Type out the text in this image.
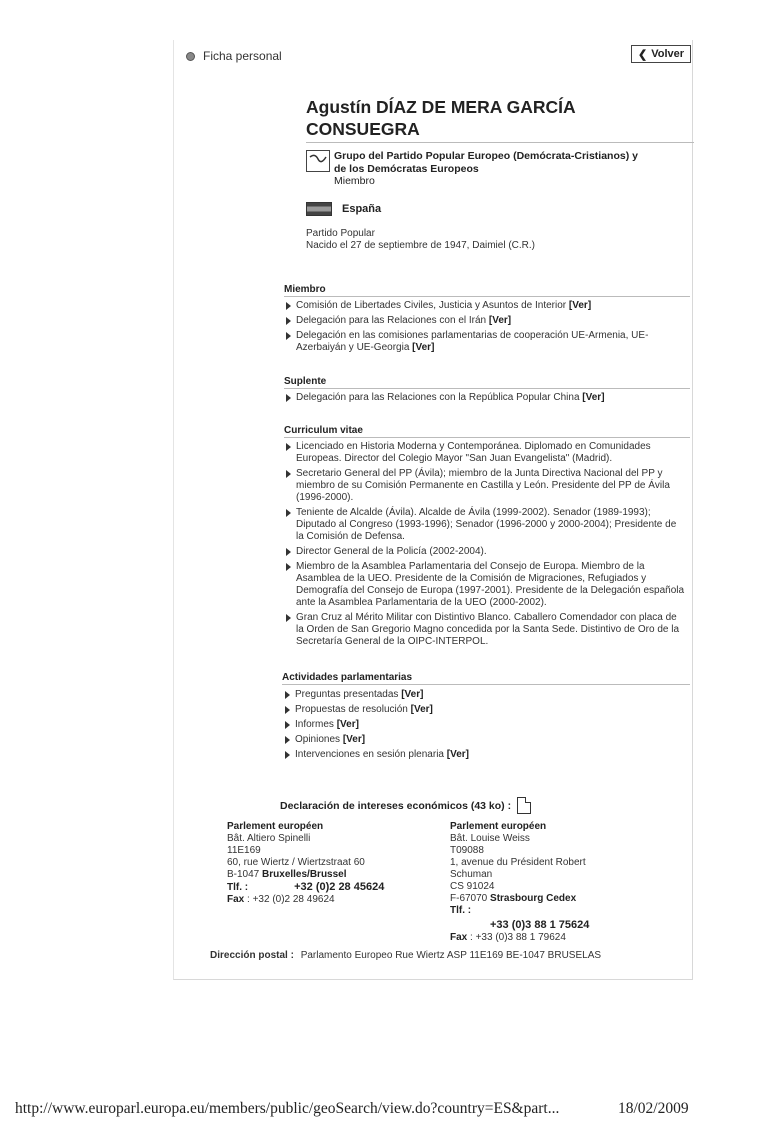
Ficha personal	❮ Volver
Agustín DÍAZ DE MERA GARCÍA
CONSUEGRA
Grupo del Partido Popular Europeo (Demócrata-Cristianos) y
de los Demócratas Europeos
Miembro
España
Partido Popular
Nacido el 27 de septiembre de 1947, Daimiel (C.R.)
Miembro
Comisión de Libertades Civiles, Justicia y Asuntos de Interior [Ver]
Delegación para las Relaciones con el Irán [Ver]
Delegación en las comisiones parlamentarias de cooperación UE-Armenia, UE-Azerbaiyán y UE-Georgia [Ver]
Suplente
Delegación para las Relaciones con la República Popular China [Ver]
Curriculum vitae
Licenciado en Historia Moderna y Contemporánea. Diplomado en Comunidades Europeas. Director del Colegio Mayor "San Juan Evangelista" (Madrid).
Secretario General del PP (Ávila); miembro de la Junta Directiva Nacional del PP y miembro de su Comisión Permanente en Castilla y León. Presidente del PP de Ávila (1996-2000).
Teniente de Alcalde (Ávila). Alcalde de Ávila (1999-2002). Senador (1989-1993); Diputado al Congreso (1993-1996); Senador (1996-2000 y 2000-2004); Presidente de la Comisión de Defensa.
Director General de la Policía (2002-2004).
Miembro de la Asamblea Parlamentaria del Consejo de Europa. Miembro de la Asamblea de la UEO. Presidente de la Comisión de Migraciones, Refugiados y Demografía del Consejo de Europa (1997-2001). Presidente de la Delegación española ante la Asamblea Parlamentaria de la UEO (2000-2002).
Gran Cruz al Mérito Militar con Distintivo Blanco. Caballero Comendador con placa de la Orden de San Gregorio Magno concedida por la Santa Sede. Distintivo de Oro de la Secretaría General de la OIPC-INTERPOL.
Actividades parlamentarias
Preguntas presentadas [Ver]
Propuestas de resolución [Ver]
Informes [Ver]
Opiniones [Ver]
Intervenciones en sesión plenaria [Ver]
Declaración de intereses económicos (43 ko) :
Parlement européen
Bât. Altiero Spinelli
11E169
60, rue Wiertz / Wiertzstraat 60
B-1047 Bruxelles/Brussel
Tlf. :	+32 (0)2 28 45624
Fax : +32 (0)2 28 49624
Parlement européen
Bât. Louise Weiss
T09088
1, avenue du Président Robert
Schuman
CS 91024
F-67070 Strasbourg Cedex
Tlf. :
+33 (0)3 88 1 75624
Fax : +33 (0)3 88 1 79624
Dirección postal : Parlamento Europeo Rue Wiertz ASP 11E169 BE-1047 BRUSELAS
http://www.europarl.europa.eu/members/public/geoSearch/view.do?country=ES&part...	18/02/2009
